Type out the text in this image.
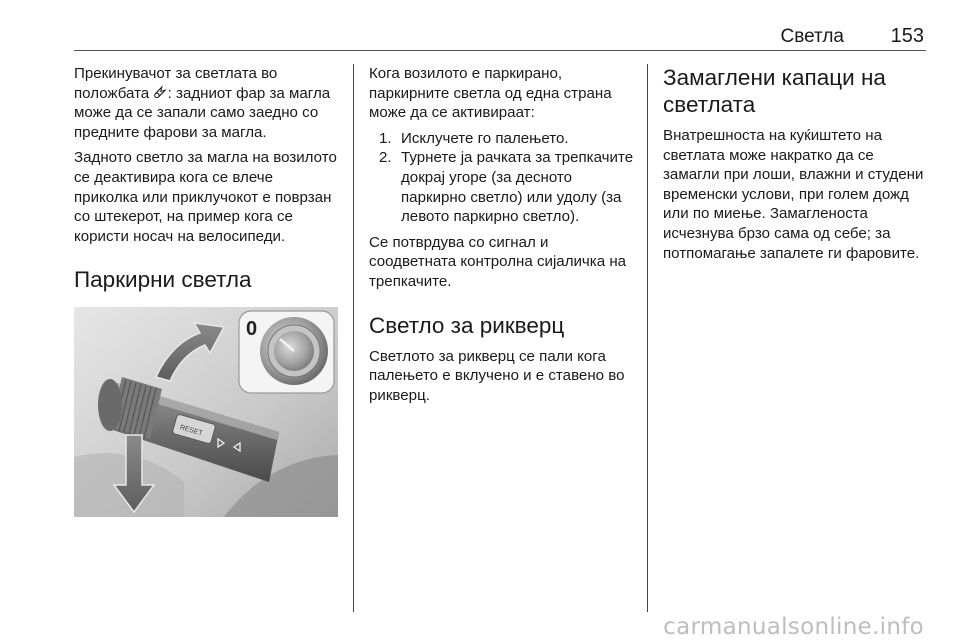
Светла 153

Прекинувачот за светлата во положбата 🜸: задниот фар за магла може да се запали само заедно со предните фарови за магла.

Задното светло за магла на возилото се деактивира кога се влече приколка или приклучокот е поврзан со штекерот, на пример кога се користи носач на велосипеди.

Паркирни светла
RESET
0

Кога возилото е паркирано, паркирните светла од една страна може да се активираат:

1. Исклучете го палењето.
2. Турнете ја рачката за трепкачите докрај угоре (за десното паркирно светло) или удолу (за левото паркирно светло).

Се потврдува со сигнал и соодветната контролна сијаличка на трепкачите.

Светло за рикверц

Светлото за рикверц се пали кога палењето е вклучено и е ставено во рикверц.

Замаглени капаци на светлата

Внатрешноста на куќиштето на светлата може накратко да се замагли при лоши, влажни и студени временски услови, при голем дожд или по миење. Замагленоста исчезнува брзо сама од себе; за потпомагање запалете ги фаровите.

carmanualsonline.info
